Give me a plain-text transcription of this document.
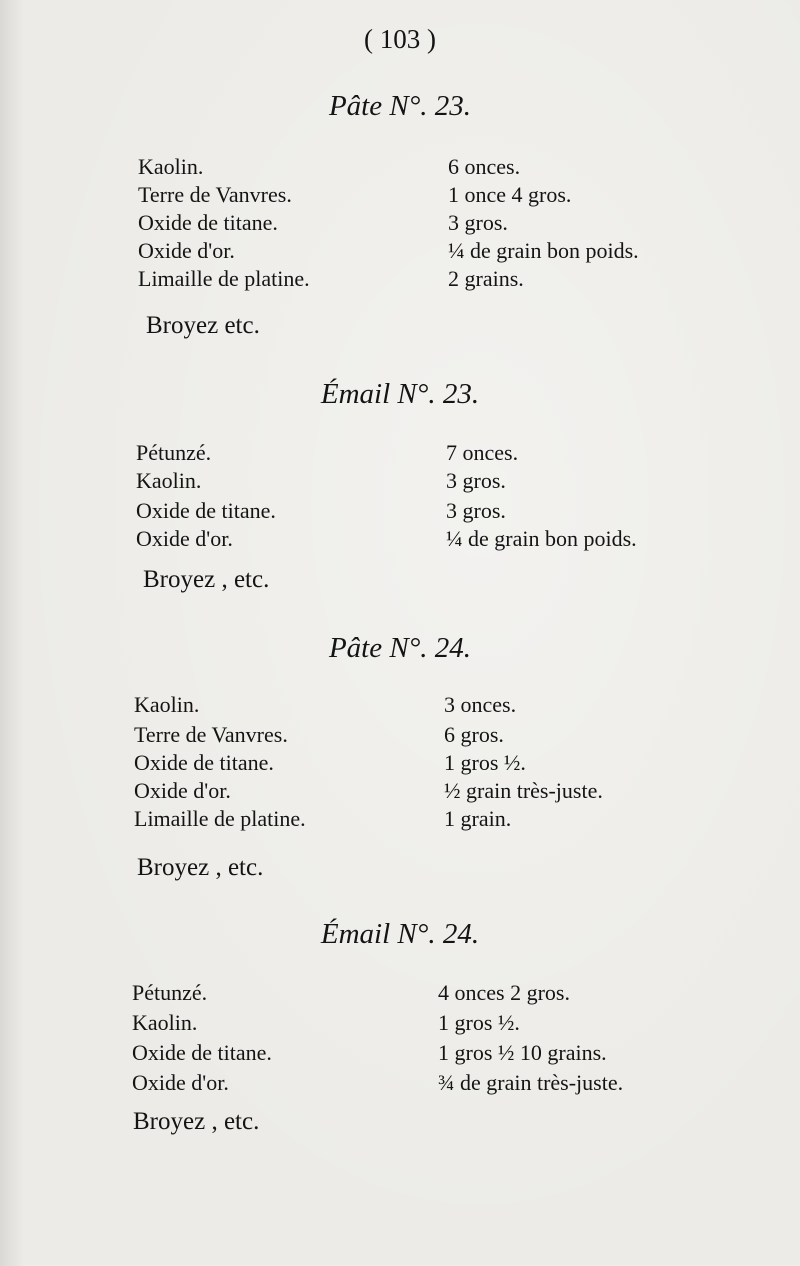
( 103 )
Pâte N°. 23.
Kaolin.	6 onces.
Terre de Vanvres.	1 once 4 gros.
Oxide de titane.	3 gros.
Oxide d'or.	¼ de grain bon poids.
Limaille de platine.	2 grains.
Broyez etc.
Émail N°. 23.
Pétunzé.	7 onces.
Kaolin.	3 gros.
Oxide de titane.	3 gros.
Oxide d'or.	¼ de grain bon poids.
Broyez , etc.
Pâte N°. 24.
Kaolin.	3 onces.
Terre de Vanvres.	6 gros.
Oxide de titane.	1 gros ½.
Oxide d'or.	½ grain très-juste.
Limaille de platine.	1 grain.
Broyez , etc.
Émail N°. 24.
Pétunzé.	4 onces 2 gros.
Kaolin.	1 gros ½.
Oxide de titane.	1 gros ½ 10 grains.
Oxide d'or.	¾ de grain très-juste.
Broyez , etc.
